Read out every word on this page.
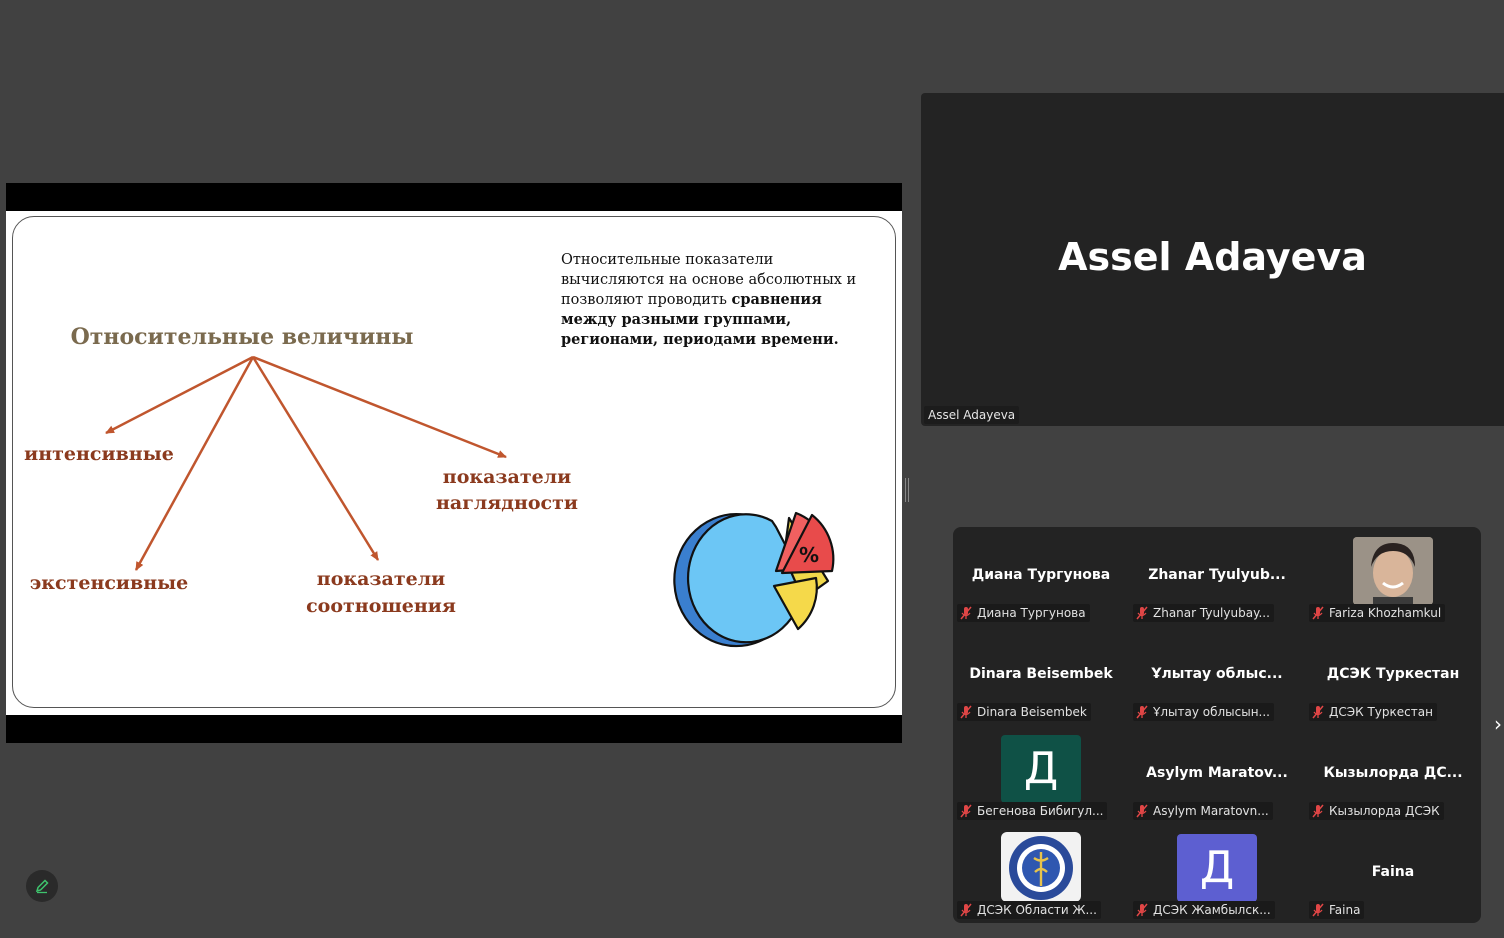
Относительные величины
интенсивные
экстенсивные	показатели
соотношения
показатели
наглядности
%
Относительные показатели вычисляются на основе абсолютных и позволяют проводить сравнения между разными группами, регионами, периодами времени.
Assel Adayeva
Assel Adayeva
Диана Тургунова
Диана Тургунова
Zhanar Tyulyub...
Zhanar Tyulyubay...	Fariza Khozhamkul
Dinara Beisembek
Dinara Beisembek
Ұлытау облыс...
Ұлытау облысын...
ДСЭК Туркестан
ДСЭК Туркестан
Д
Бегенова Бибигул...
Asylym Maratov...
Asylym Maratovn...
Кызылорда ДС...
Кызылорда ДСЭК
ДСЭК Области Ж...
Д
ДСЭК Жамбылск...
Faina
Faina
›
